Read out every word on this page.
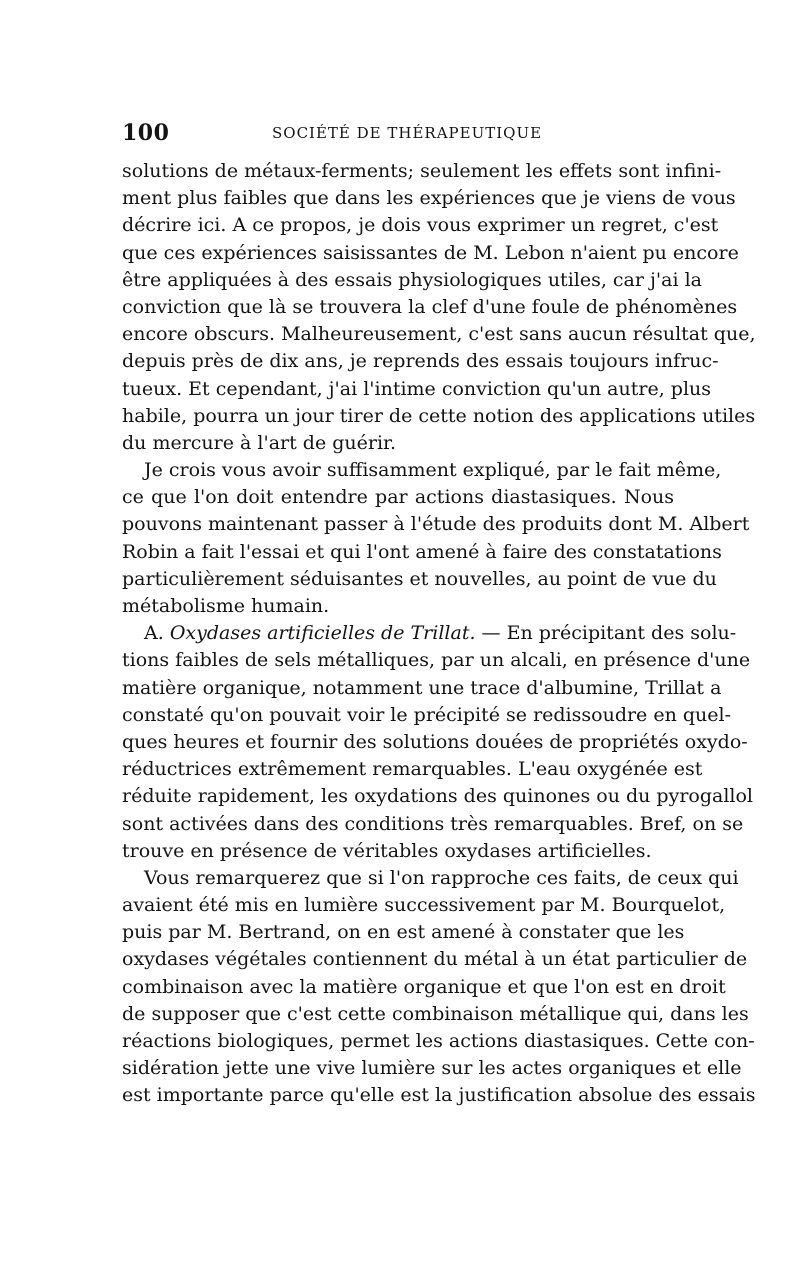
100	SOCIÉTÉ DE THÉRAPEUTIQUE
solutions de métaux-ferments; seulement les effets sont infini-
ment plus faibles que dans les expériences que je viens de vous
décrire ici. A ce propos, je dois vous exprimer un regret, c'est
que ces expériences saisissantes de M. Lebon n'aient pu encore
être appliquées à des essais physiologiques utiles, car j'ai la
conviction que là se trouvera la clef d'une foule de phénomènes
encore obscurs. Malheureusement, c'est sans aucun résultat que,
depuis près de dix ans, je reprends des essais toujours infruc-
tueux. Et cependant, j'ai l'intime conviction qu'un autre, plus
habile, pourra un jour tirer de cette notion des applications utiles
du mercure à l'art de guérir.
Je crois vous avoir suffisamment expliqué, par le fait même,
ce que l'on doit entendre par actions diastasiques. Nous
pouvons maintenant passer à l'étude des produits dont M. Albert
Robin a fait l'essai et qui l'ont amené à faire des constatations
particulièrement séduisantes et nouvelles, au point de vue du
métabolisme humain.
A. Oxydases artificielles de Trillat. — En précipitant des solu-
tions faibles de sels métalliques, par un alcali, en présence d'une
matière organique, notamment une trace d'albumine, Trillat a
constaté qu'on pouvait voir le précipité se redissoudre en quel-
ques heures et fournir des solutions douées de propriétés oxydo-
réductrices extrêmement remarquables. L'eau oxygénée est
réduite rapidement, les oxydations des quinones ou du pyrogallol
sont activées dans des conditions très remarquables. Bref, on se
trouve en présence de véritables oxydases artificielles.
Vous remarquerez que si l'on rapproche ces faits, de ceux qui
avaient été mis en lumière successivement par M. Bourquelot,
puis par M. Bertrand, on en est amené à constater que les
oxydases végétales contiennent du métal à un état particulier de
combinaison avec la matière organique et que l'on est en droit
de supposer que c'est cette combinaison métallique qui, dans les
réactions biologiques, permet les actions diastasiques. Cette con-
sidération jette une vive lumière sur les actes organiques et elle
est importante parce qu'elle est la justification absolue des essais
